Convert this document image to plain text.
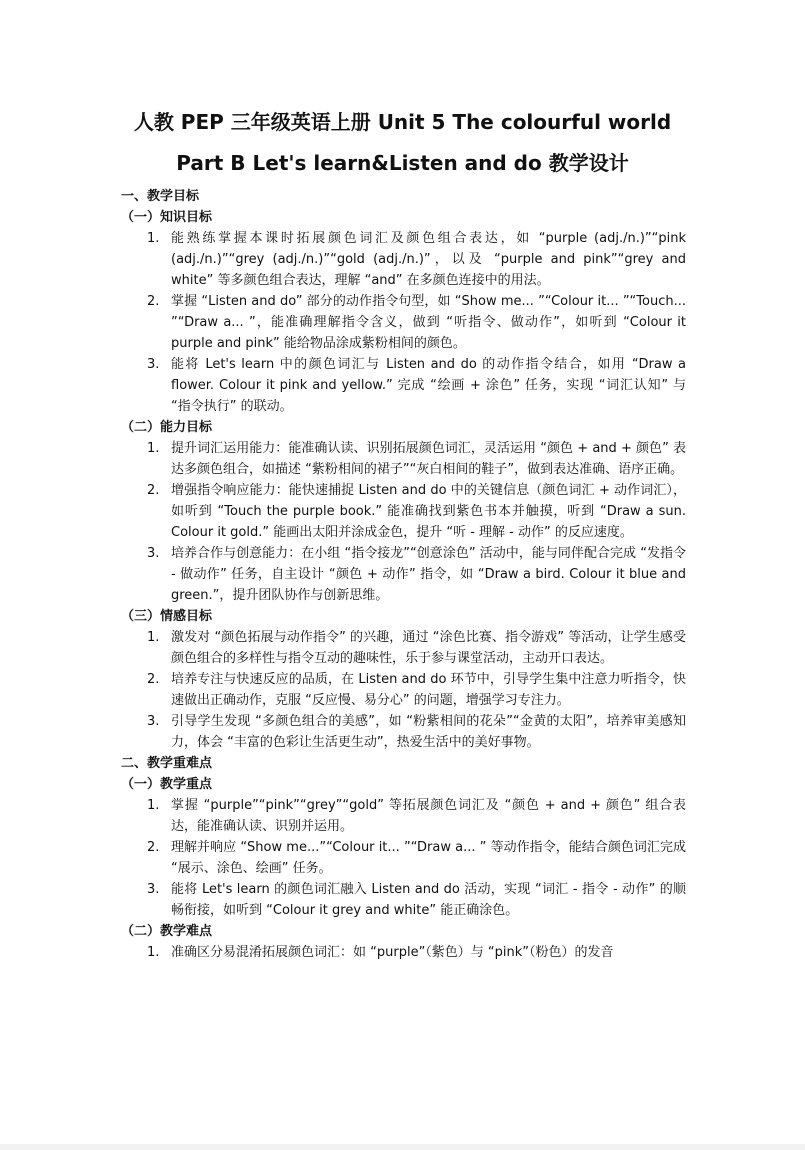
人教 PEP 三年级英语上册 Unit 5 The colourful world
Part B Let's learn&Listen and do 教学设计
一、教学目标
（一）知识目标
1. 能熟练掌握本课时拓展颜色词汇及颜色组合表达，如 “purple (adj./n.)”“pink (adj./n.)”“grey (adj./n.)”“gold (adj./n.)”，以及 “purple and pink”“grey and white” 等多颜色组合表达，理解 “and” 在多颜色连接中的用法。
2. 掌握 “Listen and do” 部分的动作指令句型，如 “Show me... ”“Colour it... ”“Touch... ”“Draw a... ”，能准确理解指令含义，做到 “听指令、做动作”，如听到 “Colour it purple and pink” 能给物品涂成紫粉相间的颜色。
3. 能将 Let's learn 中的颜色词汇与 Listen and do 的动作指令结合，如用 “Draw a flower. Colour it pink and yellow.” 完成 “绘画 + 涂色” 任务，实现 “词汇认知” 与 “指令执行” 的联动。
（二）能力目标
1. 提升词汇运用能力：能准确认读、识别拓展颜色词汇，灵活运用 “颜色 + and + 颜色” 表达多颜色组合，如描述 “紫粉相间的裙子”“灰白相间的鞋子”，做到表达准确、语序正确。
2. 增强指令响应能力：能快速捕捉 Listen and do 中的关键信息（颜色词汇 + 动作词汇），如听到 “Touch the purple book.” 能准确找到紫色书本并触摸，听到 “Draw a sun. Colour it gold.” 能画出太阳并涂成金色，提升 “听 - 理解 - 动作” 的反应速度。
3. 培养合作与创意能力：在小组 “指令接龙”“创意涂色” 活动中，能与同伴配合完成 “发指令 - 做动作” 任务，自主设计 “颜色 + 动作” 指令，如 “Draw a bird. Colour it blue and green.”，提升团队协作与创新思维。
（三）情感目标
1. 激发对 “颜色拓展与动作指令” 的兴趣，通过 “涂色比赛、指令游戏” 等活动，让学生感受颜色组合的多样性与指令互动的趣味性，乐于参与课堂活动，主动开口表达。
2. 培养专注与快速反应的品质，在 Listen and do 环节中，引导学生集中注意力听指令，快速做出正确动作，克服 “反应慢、易分心” 的问题，增强学习专注力。
3. 引导学生发现 “多颜色组合的美感”，如 “粉紫相间的花朵”“金黄的太阳”，培养审美感知力，体会 “丰富的色彩让生活更生动”，热爱生活中的美好事物。
二、教学重难点
（一）教学重点
1. 掌握 “purple”“pink”“grey”“gold” 等拓展颜色词汇及 “颜色 + and + 颜色” 组合表达，能准确认读、识别并运用。
2. 理解并响应 “Show me...”“Colour it... ”“Draw a... ” 等动作指令，能结合颜色词汇完成 “展示、涂色、绘画” 任务。
3. 能将 Let's learn 的颜色词汇融入 Listen and do 活动，实现 “词汇 - 指令 - 动作” 的顺畅衔接，如听到 “Colour it grey and white” 能正确涂色。
（二）教学难点
1. 准确区分易混淆拓展颜色词汇：如 “purple”（紫色）与 “pink”（粉色）的发音
